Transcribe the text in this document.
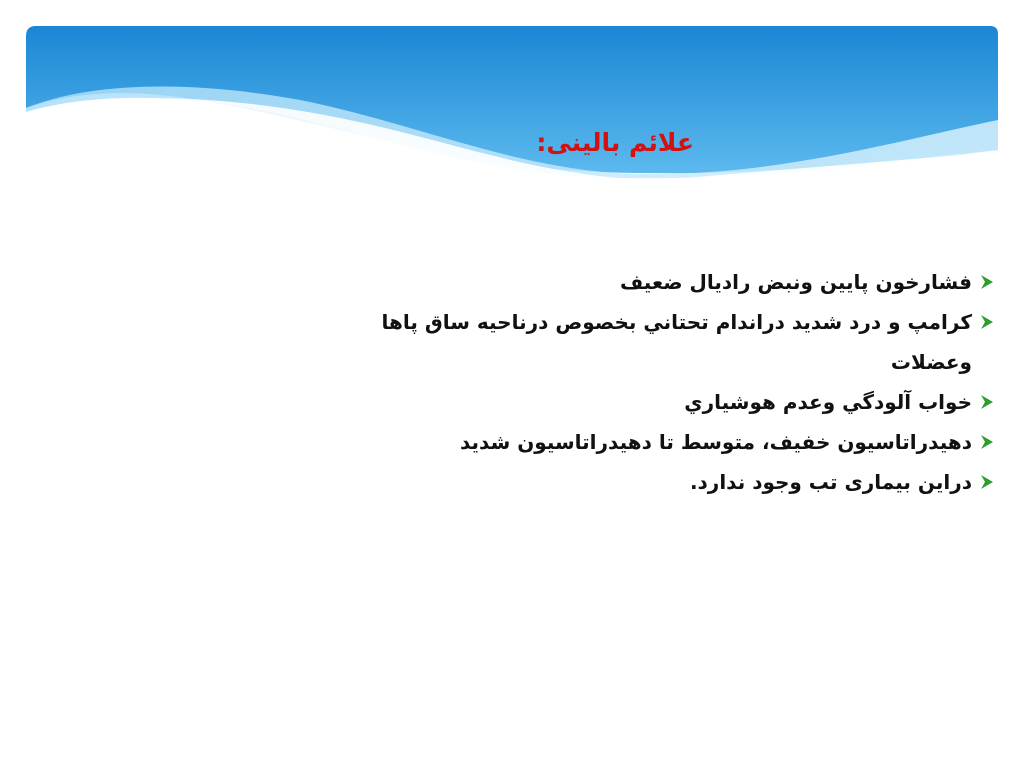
علائم بالینی:
فشارخون پایین ونبض رادیال ضعیف
کرامپ و درد شدید دراندام تحتاني بخصوص درناحیه ساق پاها وعضلات
خواب آلودگي وعدم هوشیاري
دهیدراتاسیون خفیف، متوسط تا دهیدراتاسیون شدید
دراین بیماری تب وجود ندارد.
